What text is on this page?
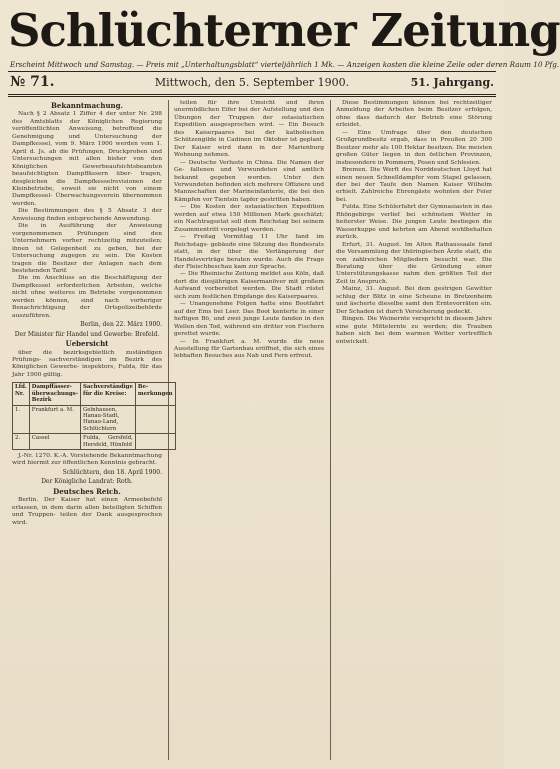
Schlüchterner Zeitung
Erscheint Mittwoch und Samstag. — Preis mit „Unterhaltungsblatt“ vierteljährlich 1 Mk. — Anzeigen kosten die kleine Zeile oder deren Raum 10 Pfg.
№ 71.	Mittwoch, den 5. September 1900.	51. Jahrgang.
Bekanntmachung.

Nach § 2 Absatz 1 Ziffer 4 der unter Nr. 298 des Amtsblatts der Königlichen Regierung veröffentlichten Anweisung, betreffend die Genehmigung und Untersuchung der Dampfkessel, vom 9. März 1900 werden vom 1. April d. Js. ab die Prüfungen, Druckproben und Untersuchungen mit allen bisher von den Königlichen Gewerbeaufsichtsbeamten beaufsichtigten Dampffässern über- tragen, desgleichen die Dampfkesselrevisionen der Kleinbetriebe, soweit sie nicht von einem Dampfkessel- Überwachungsverein übernommen werden.

Die Bestimmungen des § 5 Absatz 3 der Anweisung finden entsprechende Anwendung.

Die in Ausführung der Anweisung vorgenommenen Prüfungen sind den Unternehmern vorher rechtzeitig mitzuteilen; ihnen ist Gelegenheit zu geben, bei der Untersuchung zugegen zu sein. Die Kosten tragen die Besitzer der Anlagen nach dem bestehenden Tarif.

Die im Anschluss an die Beschäftigung der Dampfkessel erforderlichen Arbeiten, welche nicht ohne weiteres im Betriebe vorgenommen werden können, sind nach vorheriger Benachrichtigung der Ortspolizeibehörde auszuführen.

Berlin, den 22. März 1900.
Der Minister für Handel und Gewerbe: Brefeld.
Uebersicht

über die bezirksgebietlich zuständigen Prüfungs- sachverständigen im Bezirk des Königlichen Gewerbe- inspektors, Fulda, für das Jahr 1900 gültig.

Lfd. Nr.	Dampffässer- überwachungs- Bezirk	Sachverständige für die Kreise:	Be- merkungen
1.	Frankfurt a. M.	Gelnhausen, Hanau-Stadt, Hanau-Land, Schlüchtern	
2.	Cassel	Fulda, Gersfeld, Hersfeld, Hünfeld	

J.-Nr. 1270. K.-A. Vorstehende Bekanntmachung wird hiermit zur öffentlichen Kenntnis gebracht.

Schlüchtern, den 18. April 1900.
Der Königliche Landrat: Roth.
Deutsches Reich.

Berlin. Der Kaiser hat einen Armeebefehl erlassen, in dem darin allen beteiligten Schiffen und Truppen- teilen der Dank ausgesprochen wird.

teilen für ihre Umsicht und ihren unermüdlichen Eifer bei der Aufstellung und den Übungen der Truppen der ostasiatischen Expedition ausgesprochen wird. — Ein Besuch des Kaiserpaares bei der katholischen Schützengilde in Cadinen im Oktober ist geplant. Der Kaiser wird dann in der Marienburg Wohnung nehmen.

— Deutsche Verluste in China. Die Namen der Ge- fallenen und Verwundeten sind amtlich bekannt gegeben worden. Unter den Verwundeten befinden sich mehrere Offiziere und Mannschaften der Marineinfanterie, die bei den Kämpfen vor Tientsin tapfer gestritten haben.

— Die Kosten der ostasiatischen Expedition werden auf etwa 150 Millionen Mark geschätzt; ein Nachtragsetat soll dem Reichstag bei seinem Zusammentritt vorgelegt werden.

— Freitag Vormittag 11 Uhr fand im Reichstags- gebäude eine Sitzung des Bundesrats statt, in der über die Verlängerung der Handelsverträge beraten wurde. Auch die Frage der Fleischbeschau kam zur Sprache.

— Die Rheinische Zeitung meldet aus Köln, daß dort die diesjährigen Kaisermanöver mit großem Aufwand vorbereitet werden. Die Stadt rüstet sich zum festlichen Empfange des Kaiserpaares.

— Unangenehme Folgen hatte eine Bootfahrt auf der Ems bei Leer. Das Boot kenterte in einer heftigen Bö, und zwei junge Leute fanden in den Wellen den Tod, während ein dritter von Fischern gerettet wurde.

— In Frankfurt a. M. wurde die neue Ausstellung für Gartenbau eröffnet, die sich eines lebhaften Besuches aus Nah und Fern erfreut.

Diese Bestimmungen können bei rechtzeitiger Anmeldung der Arbeiten beim Besitzer erfolgen, ohne dass dadurch der Betrieb eine Störung erleidet.

— Eine Umfrage über den deutschen Großgrundbesitz ergab, dass in Preußen 20 300 Besitzer mehr als 100 Hektar besitzen. Die meisten großen Güter liegen in den östlichen Provinzen, insbesondere in Pommern, Posen und Schlesien.

Bremen. Die Werft des Norddeutschen Lloyd hat einen neuen Schnelldampfer vom Stapel gelassen, der bei der Taufe den Namen Kaiser Wilhelm erhielt. Zahlreiche Ehrengäste wohnten der Feier bei.

Fulda. Eine Schülerfahrt der Gymnasiasten in das Rhöngebirge verlief bei schönstem Wetter in heiterster Weise. Die jungen Leute bestiegen die Wasserkuppe und kehrten am Abend wohlbehalten zurück.

Erfurt, 31. August. Im Alten Rathaussaale fand die Versammlung der thüringischen Ärzte statt, die von zahlreichen Mitgliedern besucht war. Die Beratung über die Gründung einer Unterstützungskasse nahm den größten Teil der Zeit in Anspruch.

Mainz, 31. August. Bei dem gestrigen Gewitter schlug der Blitz in eine Scheune in Bretzenheim und äscherte dieselbe samt den Erntevorräten ein. Der Schaden ist durch Versicherung gedeckt.

Bingen. Die Weinernte verspricht in diesem Jahre eine gute Mittelernte zu werden; die Trauben haben sich bei dem warmen Wetter vortrefflich entwickelt.
